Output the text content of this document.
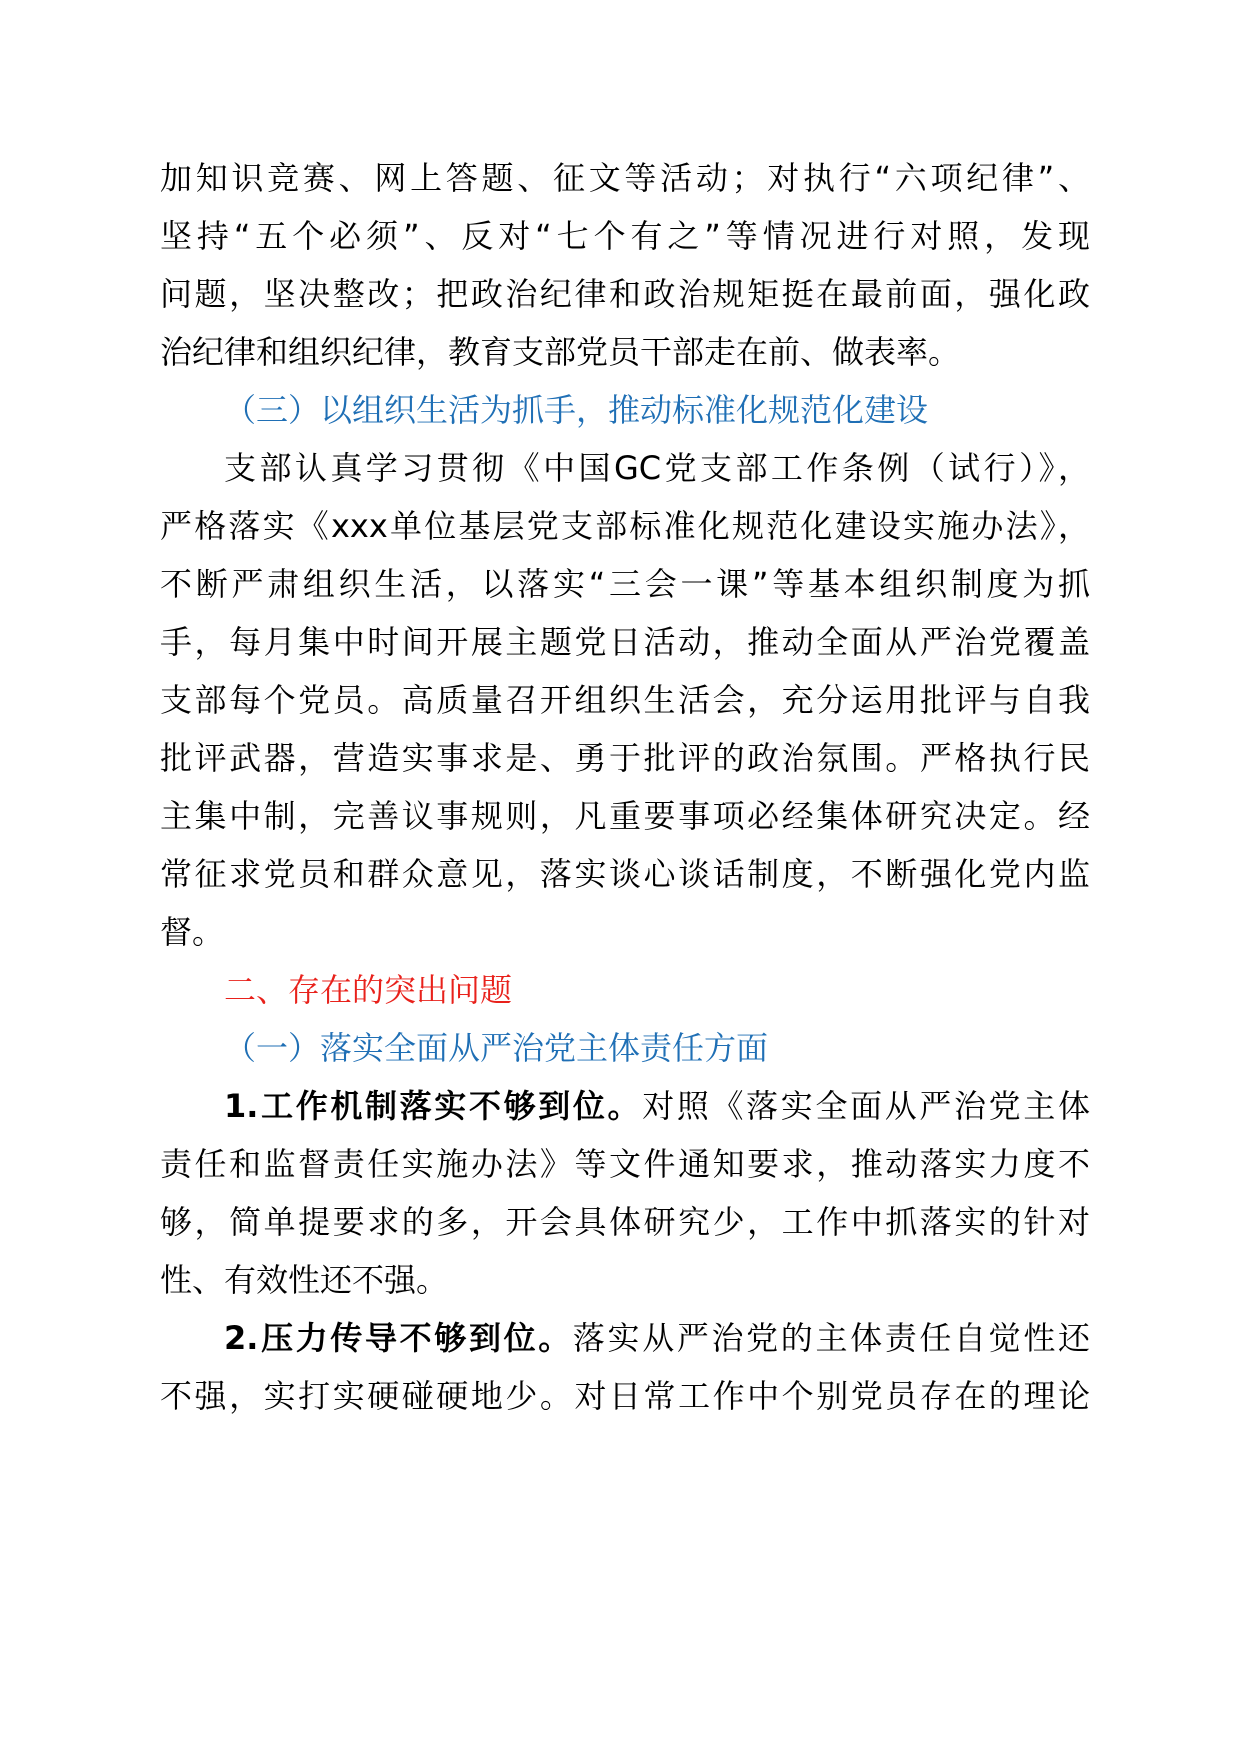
加知识竞赛、网上答题、征文等活动；对执行“六项纪律”、
坚持“五个必须”、反对“七个有之”等情况进行对照，发现
问题，坚决整改；把政治纪律和政治规矩挺在最前面，强化政
治纪律和组织纪律，教育支部党员干部走在前、做表率。
（三）以组织生活为抓手，推动标准化规范化建设
支部认真学习贯彻《中国GC党支部工作条例（试行）》，
严格落实《xxx单位基层党支部标准化规范化建设实施办法》，
不断严肃组织生活，以落实“三会一课”等基本组织制度为抓
手，每月集中时间开展主题党日活动，推动全面从严治党覆盖
支部每个党员。高质量召开组织生活会，充分运用批评与自我
批评武器，营造实事求是、勇于批评的政治氛围。严格执行民
主集中制，完善议事规则，凡重要事项必经集体研究决定。经
常征求党员和群众意见，落实谈心谈话制度，不断强化党内监
督。
二、存在的突出问题
（一）落实全面从严治党主体责任方面
1.工作机制落实不够到位。对照《落实全面从严治党主体
责任和监督责任实施办法》等文件通知要求，推动落实力度不
够，简单提要求的多，开会具体研究少，工作中抓落实的针对
性、有效性还不强。
2.压力传导不够到位。落实从严治党的主体责任自觉性还
不强，实打实硬碰硬地少。对日常工作中个别党员存在的理论
